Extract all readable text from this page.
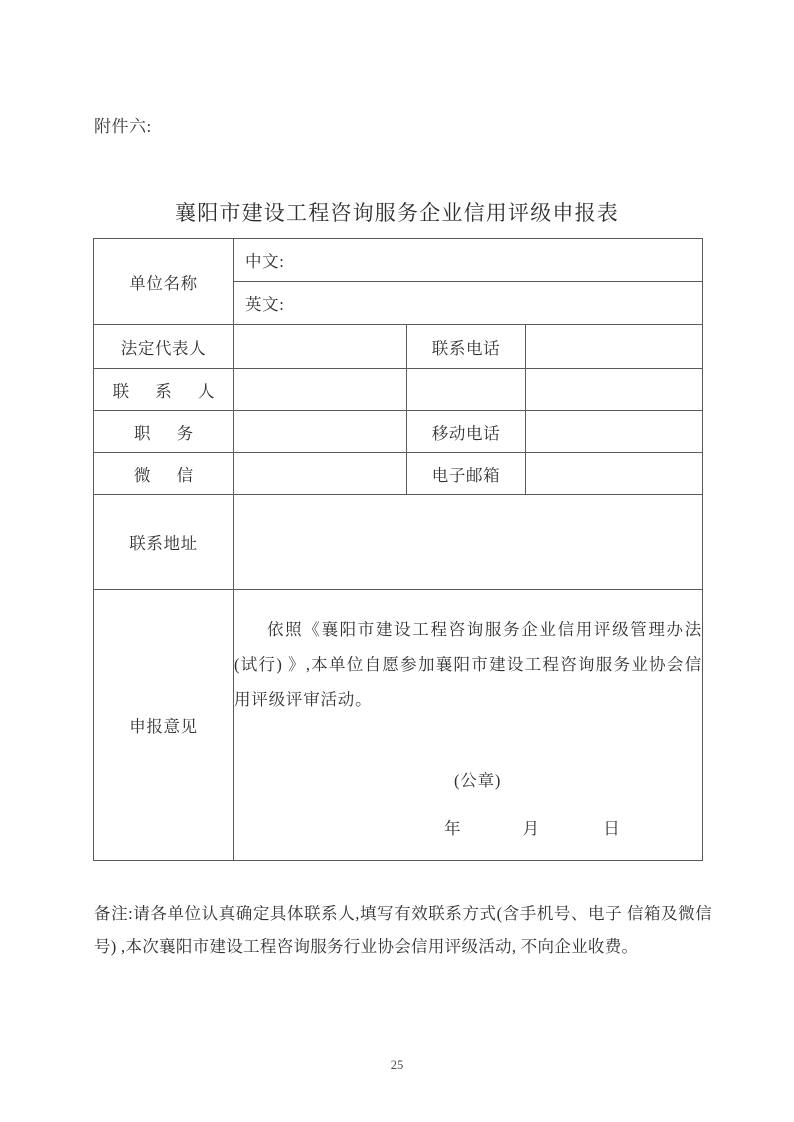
附件六:
襄阳市建设工程咨询服务企业信用评级申报表
单位名称	中文:		
	英文:		
法定代表人		联系电话	
联 系 人			
职 务		移动电话	
微 信		电子邮箱	
联系地址			
申报意见	依照《襄阳市建设工程咨询服务企业信用评级管理办法(试行) 》,本单位自愿参加襄阳市建设工程咨询服务业协会信用评级评审活动。
(公章)
年 月 日		
备注:请各单位认真确定具体联系人,填写有效联系方式(含手机号、电子 信箱及微信号) ,本次襄阳市建设工程咨询服务行业协会信用评级活动, 不向企业收费。
25
